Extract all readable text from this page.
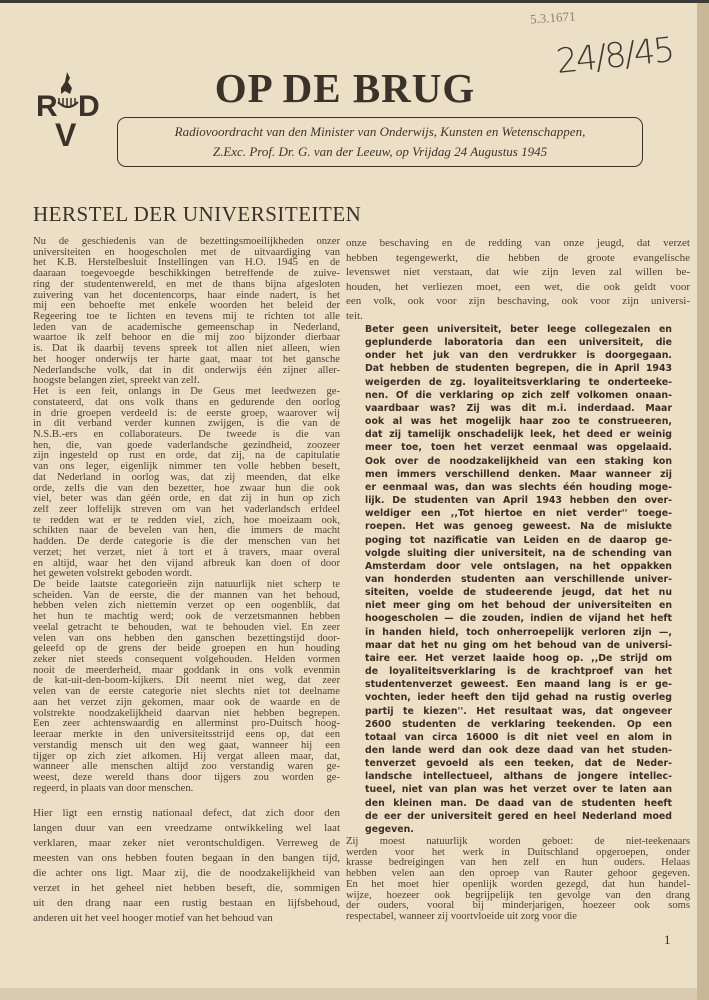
R D
V
5.3.1671
24/8/45
OP DE BRUG
Radiovoordracht van den Minister van Onderwijs, Kunsten en Wetenschappen,
Z.Exc. Prof. Dr. G. van der Leeuw, op Vrijdag 24 Augustus 1945
HERSTEL DER UNIVERSITEITEN
Nu de geschiedenis van de bezettingsmoeilijkheden onzer
universiteiten en hoogescholen met de uitvaardiging van
het K.B. Herstelbesluit Instellingen van H.O. 1945 en de
daaraan toegevoegde beschikkingen betreffende de zuive-
ring der studentenwereld, en met de thans bijna afgesloten
zuivering van het docentencorps, haar einde nadert, is het
mij een behoefte met enkele woorden het beleid der
Regeering toe te lichten en tevens mij te richten tot alle
leden van de academische gemeenschap in Nederland,
waartoe ik zelf behoor en die mij zoo bijzonder dierbaar
is. Dat ik daarbij tevens spreek tot allen niet alleen, wien
het hooger onderwijs ter harte gaat, maar tot het gansche
Nederlandsche volk, dat in dit onderwijs één zijner aller-
hoogste belangen ziet, spreekt van zelf.
Het is een feit, onlangs in De Geus met leedwezen ge-
constateerd, dat ons volk thans en gedurende den oorlog
in drie groepen verdeeld is: de eerste groep, waarover wij
in dit verband verder kunnen zwijgen, is die van de
N.S.B.-ers en collaborateurs. De tweede is die van
hen, die, van goede vaderlandsche gezindheid, zoozeer
zijn ingesteld op rust en orde, dat zij, na de capitulatie
van ons leger, eigenlijk nimmer ten volle hebben beseft,
dat Nederland in oorlog was, dat zij meenden, dat elke
orde, zelfs die van den bezetter, hoe zwaar hun die ook
viel, beter was dan géén orde, en dat zij in hun op zich
zelf zeer loffelijk streven om van het vaderlandsch erfdeel
te redden wat er te redden viel, zich, hoe moeizaam ook,
schikten naar de bevelen van hen, die immers de macht
hadden. De derde categorie is die der menschen van het
verzet; het verzet, niet à tort et à travers, maar overal
en altijd, waar het den vijand afbreuk kan doen of door
het geweten volstrekt geboden wordt.
De beide laatste categorieën zijn natuurlijk niet scherp te
scheiden. Van de eerste, die der mannen van het behoud,
hebben velen zich niettemin verzet op een oogenblik, dat
het hun te machtig werd; ook de verzetsmannen hebben
veelal getracht te behouden, wat te behouden viel. En zeer
velen van ons hebben den ganschen bezettingstijd door-
geleefd op de grens der beide groepen en hun houding
zeker niet steeds consequent volgehouden. Helden vormen
nooit de meerderheid, maar goddank in ons volk evenmin
de kat-uit-den-boom-kijkers. Dit neemt niet weg, dat zeer
velen van de eerste categorie niet slechts niet tot deelname
aan het verzet zijn gekomen, maar ook de waarde en de
volstrekte noodzakelijkheid daarvan niet hebben begrepen.
Een zeer achtenswaardig en allerminst pro-Duitsch hoog-
leeraar merkte in den universiteitsstrijd eens op, dat een
verstandig mensch uit den weg gaat, wanneer hij een
tijger op zich ziet afkomen. Hij vergat alleen maar, dat,
wanneer alle menschen altijd zoo verstandig waren ge-
weest, deze wereld thans door tijgers zou worden ge-
regeerd, in plaats van door menschen.
Hier ligt een ernstig nationaal defect, dat zich door den
langen duur van een vreedzame ontwikkeling wel laat
verklaren, maar zeker niet verontschuldigen. Verreweg de
meesten van ons hebben fouten begaan in den bangen tijd,
die achter ons ligt. Maar zij, die de noodzakelijkheid van
verzet in het geheel niet hebben beseft, die, sommigen
uit den drang naar een rustig bestaan en lijfsbehoud,
anderen uit het veel hooger motief van het behoud van
onze beschaving en de redding van onze jeugd, dat verzet
hebben tegengewerkt, die hebben de groote evangelische
levenswet niet verstaan, dat wie zijn leven zal willen be-
houden, het verliezen moet, een wet, die ook geldt voor
een volk, ook voor zijn beschaving, ook voor zijn universi-
teit.
Beter geen universiteit, beter leege collegezalen en
geplunderde laboratoria dan een universiteit, die
onder het juk van den verdrukker is doorgegaan.
Dat hebben de studenten begrepen, die in April 1943
weigerden de zg. loyaliteitsverklaring te onderteeke-
nen. Of die verklaring op zich zelf volkomen onaan-
vaardbaar was? Zij was dit m.i. inderdaad. Maar
ook al was het mogelijk haar zoo te construeeren,
dat zij tamelijk onschadelijk leek, het deed er weinig
meer toe, toen het verzet eenmaal was opgelaaid.
Ook over de noodzakelijkheid van een staking kon
men immers verschillend denken. Maar wanneer zij
er eenmaal was, dan was slechts één houding moge-
lijk. De studenten van April 1943 hebben den over-
weldiger een ,,Tot hiertoe en niet verder'' toege-
roepen. Het was genoeg geweest. Na de mislukte
poging tot nazificatie van Leiden en de daarop ge-
volgde sluiting dier universiteit, na de schending van
Amsterdam door vele ontslagen, na het oppakken
van honderden studenten aan verschillende univer-
siteiten, voelde de studeerende jeugd, dat het nu
niet meer ging om het behoud der universiteiten en
hoogescholen — die zouden, indien de vijand het heft
in handen hield, toch onherroepelijk verloren zijn —,
maar dat het nu ging om het behoud van de universi-
taire eer. Het verzet laaide hoog op. ,,De strijd om
de loyaliteitsverklaring is de krachtproef van het
studentenverzet geweest. Een maand lang is er ge-
vochten, ieder heeft den tijd gehad na rustig overleg
partij te kiezen''. Het resultaat was, dat ongeveer
2600 studenten de verklaring teekenden. Op een
totaal van circa 16000 is dit niet veel en alom in
den lande werd dan ook deze daad van het studen-
tenverzet gevoeld als een teeken, dat de Neder-
landsche intellectueel, althans de jongere intellec-
tueel, niet van plan was het verzet over te laten aan
den kleinen man. De daad van de studenten heeft
de eer der universiteit gered en heel Nederland moed
gegeven.
Zij moest natuurlijk worden geboet: de niet-teekenaars
werden voor het werk in Duitschland opgeroepen, onder
krasse bedreigingen van hen zelf en hun ouders. Helaas
hebben velen aan den oproep van Rauter gehoor gegeven.
En het moet hier openlijk worden gezegd, dat hun handel-
wijze, hoezeer ook begrijpelijk ten gevolge van den drang
der ouders, vooral bij minderjarigen, hoezeer ook soms
respectabel, wanneer zij voortvloeide uit zorg voor die
1
